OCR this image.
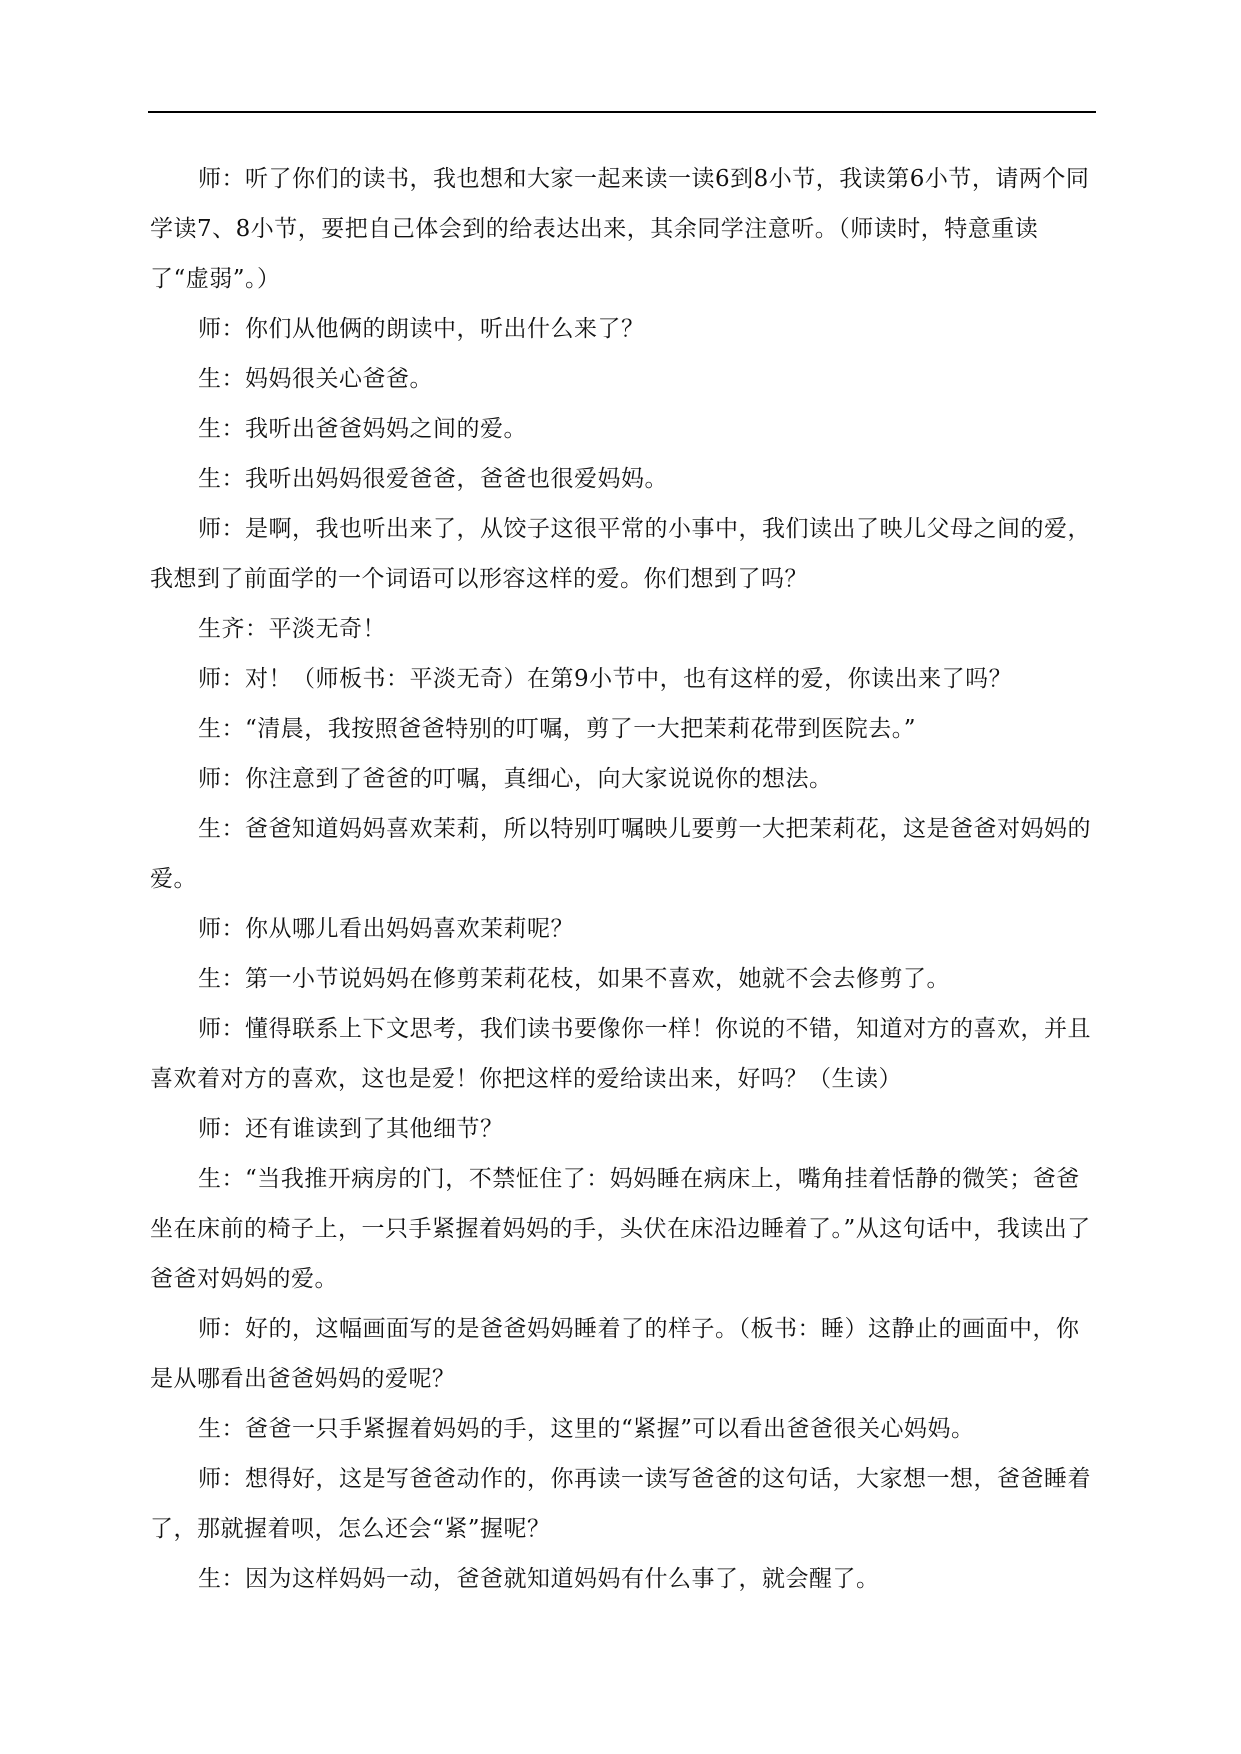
师：听了你们的读书，我也想和大家一起来读一读6到8小节，我读第6小节，请两个同学读7、8小节，要把自己体会到的给表达出来，其余同学注意听。（师读时，特意重读了“虚弱”。）

师：你们从他俩的朗读中，听出什么来了？

生：妈妈很关心爸爸。

生：我听出爸爸妈妈之间的爱。

生：我听出妈妈很爱爸爸，爸爸也很爱妈妈。

师：是啊，我也听出来了，从饺子这很平常的小事中，我们读出了映儿父母之间的爱，我想到了前面学的一个词语可以形容这样的爱。你们想到了吗？

生齐：平淡无奇！

师：对！（师板书：平淡无奇）在第9小节中，也有这样的爱，你读出来了吗？

生：“清晨，我按照爸爸特别的叮嘱，剪了一大把茉莉花带到医院去。”

师：你注意到了爸爸的叮嘱，真细心，向大家说说你的想法。

生：爸爸知道妈妈喜欢茉莉，所以特别叮嘱映儿要剪一大把茉莉花，这是爸爸对妈妈的爱。

师：你从哪儿看出妈妈喜欢茉莉呢？

生：第一小节说妈妈在修剪茉莉花枝，如果不喜欢，她就不会去修剪了。

师：懂得联系上下文思考，我们读书要像你一样！你说的不错，知道对方的喜欢，并且喜欢着对方的喜欢，这也是爱！你把这样的爱给读出来，好吗？（生读）

师：还有谁读到了其他细节？

生：“当我推开病房的门，不禁怔住了：妈妈睡在病床上，嘴角挂着恬静的微笑；爸爸坐在床前的椅子上，一只手紧握着妈妈的手，头伏在床沿边睡着了。”从这句话中，我读出了爸爸对妈妈的爱。

师：好的，这幅画面写的是爸爸妈妈睡着了的样子。（板书：睡）这静止的画面中，你是从哪看出爸爸妈妈的爱呢？

生：爸爸一只手紧握着妈妈的手，这里的“紧握”可以看出爸爸很关心妈妈。

师：想得好，这是写爸爸动作的，你再读一读写爸爸的这句话，大家想一想，爸爸睡着了，那就握着呗，怎么还会“紧”握呢？

生：因为这样妈妈一动，爸爸就知道妈妈有什么事了，就会醒了。
